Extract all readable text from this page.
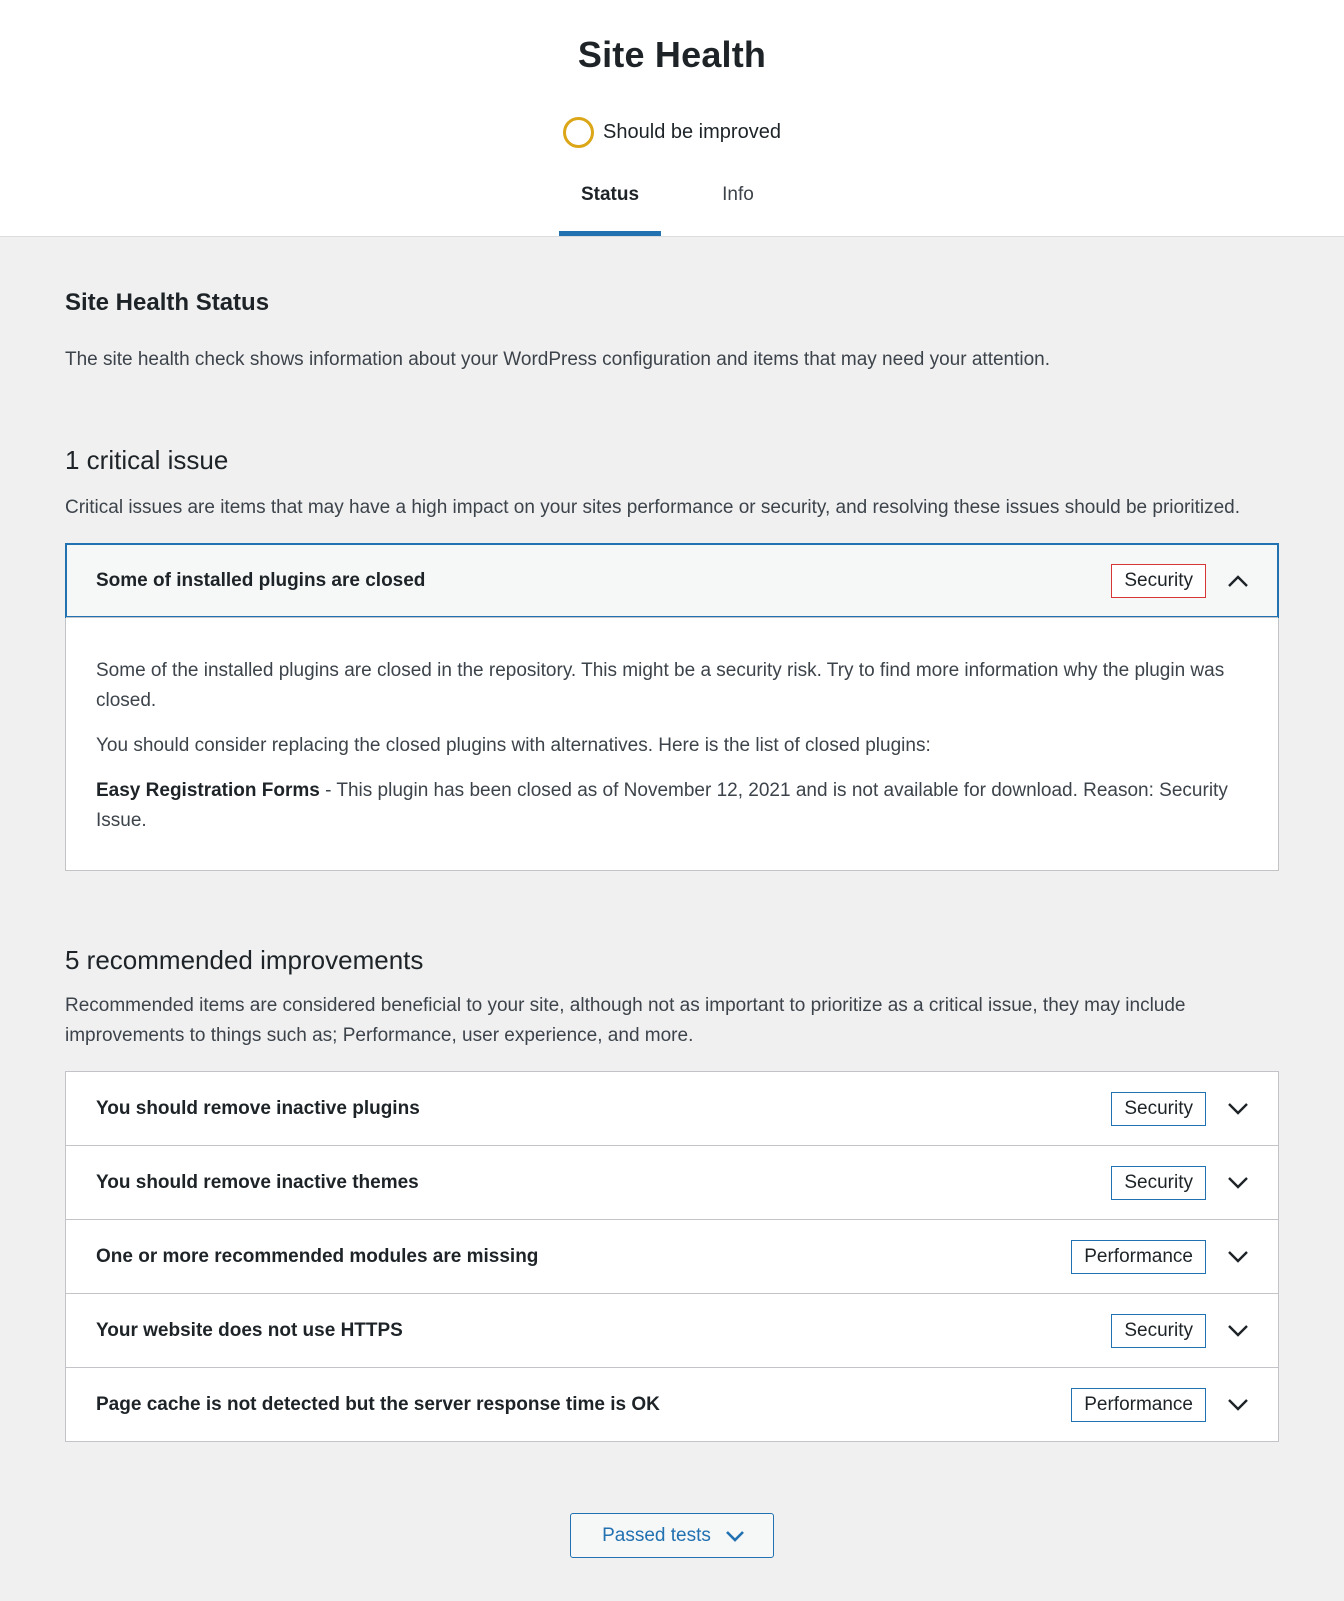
Site Health
Should be improved
Status	Info
Site Health Status

The site health check shows information about your WordPress configuration and items that may need your attention.

1 critical issue

Critical issues are items that may have a high impact on your sites performance or security, and resolving these issues should be prioritized.

Some of installed plugins are closed	Security

Some of the installed plugins are closed in the repository. This might be a security risk. Try to find more information why the plugin was closed.

You should consider replacing the closed plugins with alternatives. Here is the list of closed plugins:

Easy Registration Forms - This plugin has been closed as of November 12, 2021 and is not available for download. Reason: Security Issue.

5 recommended improvements

Recommended items are considered beneficial to your site, although not as important to prioritize as a critical issue, they may include improvements to things such as; Performance, user experience, and more.

You should remove inactive plugins	Security
You should remove inactive themes	Security
One or more recommended modules are missing	Performance
Your website does not use HTTPS	Security
Page cache is not detected but the server response time is OK	Performance
Passed tests
